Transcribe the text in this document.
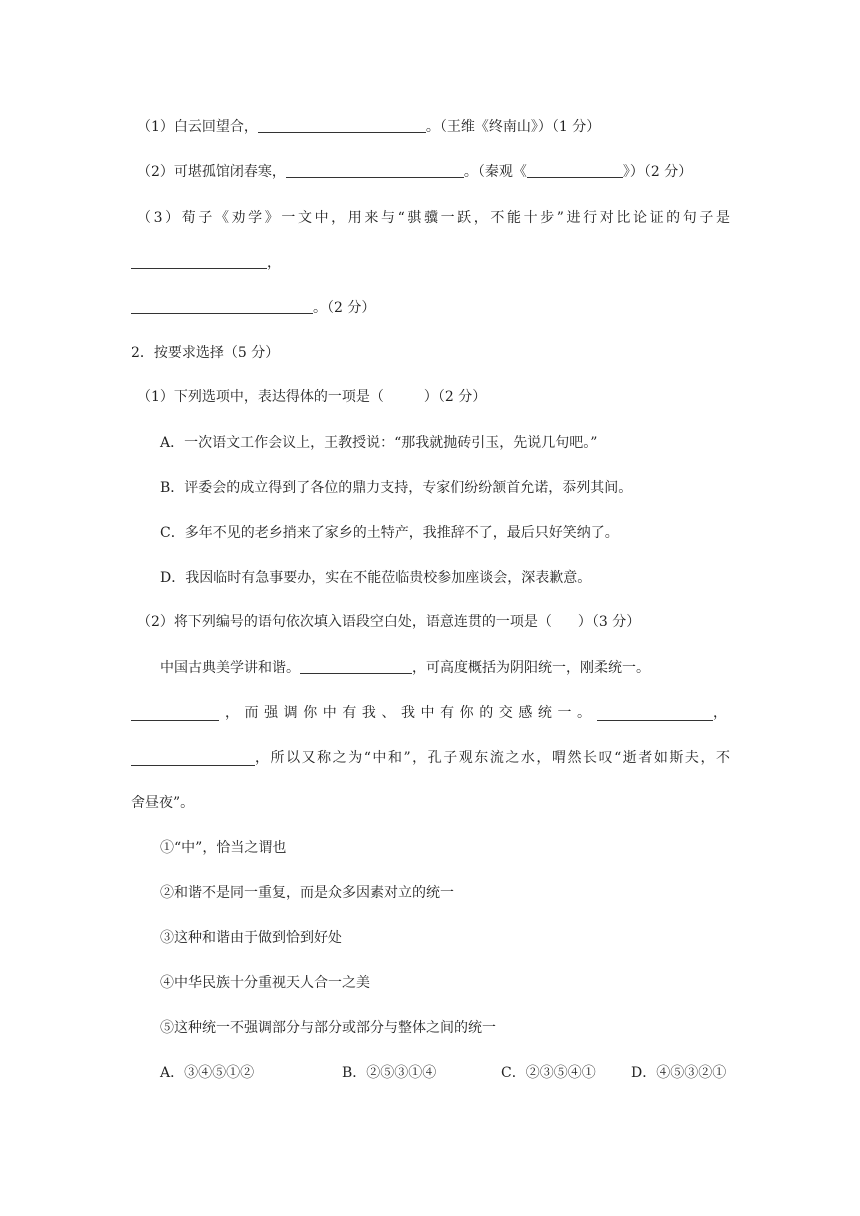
（1）白云回望合，	。（王维《终南山》）（1 分）
（2）可堪孤馆闭春寒，	。（秦观《	》）（2 分）
（3）荀子《劝学》一文中，用来与“骐骥一跃，不能十步”进行对比论证的句子是
，
。（2 分）
2．按要求选择（5 分）
（1）下列选项中，表达得体的一项是（	）（2 分）
A．一次语文工作会议上，王教授说：“那我就抛砖引玉，先说几句吧。”
B．评委会的成立得到了各位的鼎力支持，专家们纷纷颔首允诺，忝列其间。
C．多年不见的老乡捎来了家乡的土特产，我推辞不了，最后只好笑纳了。
D．我因临时有急事要办，实在不能莅临贵校参加座谈会，深表歉意。
（2）将下列编号的语句依次填入语段空白处，语意连贯的一项是（ ）（3 分）
中国古典美学讲和谐。	，可高度概括为阴阳统一，刚柔统一。
，而强调你中有我、我中有你的交感统一。	，
，所以又称之为“中和”，孔子观东流之水，喟然长叹“逝者如斯夫，不
舍昼夜”。
①“中”，恰当之谓也
②和谐不是同一重复，而是众多因素对立的统一
③这种和谐由于做到恰到好处
④中华民族十分重视天人合一之美
⑤这种统一不强调部分与部分或部分与整体之间的统一
A．③④⑤①②	B．②⑤③①④	C．②③⑤④①	D．④⑤③②①
